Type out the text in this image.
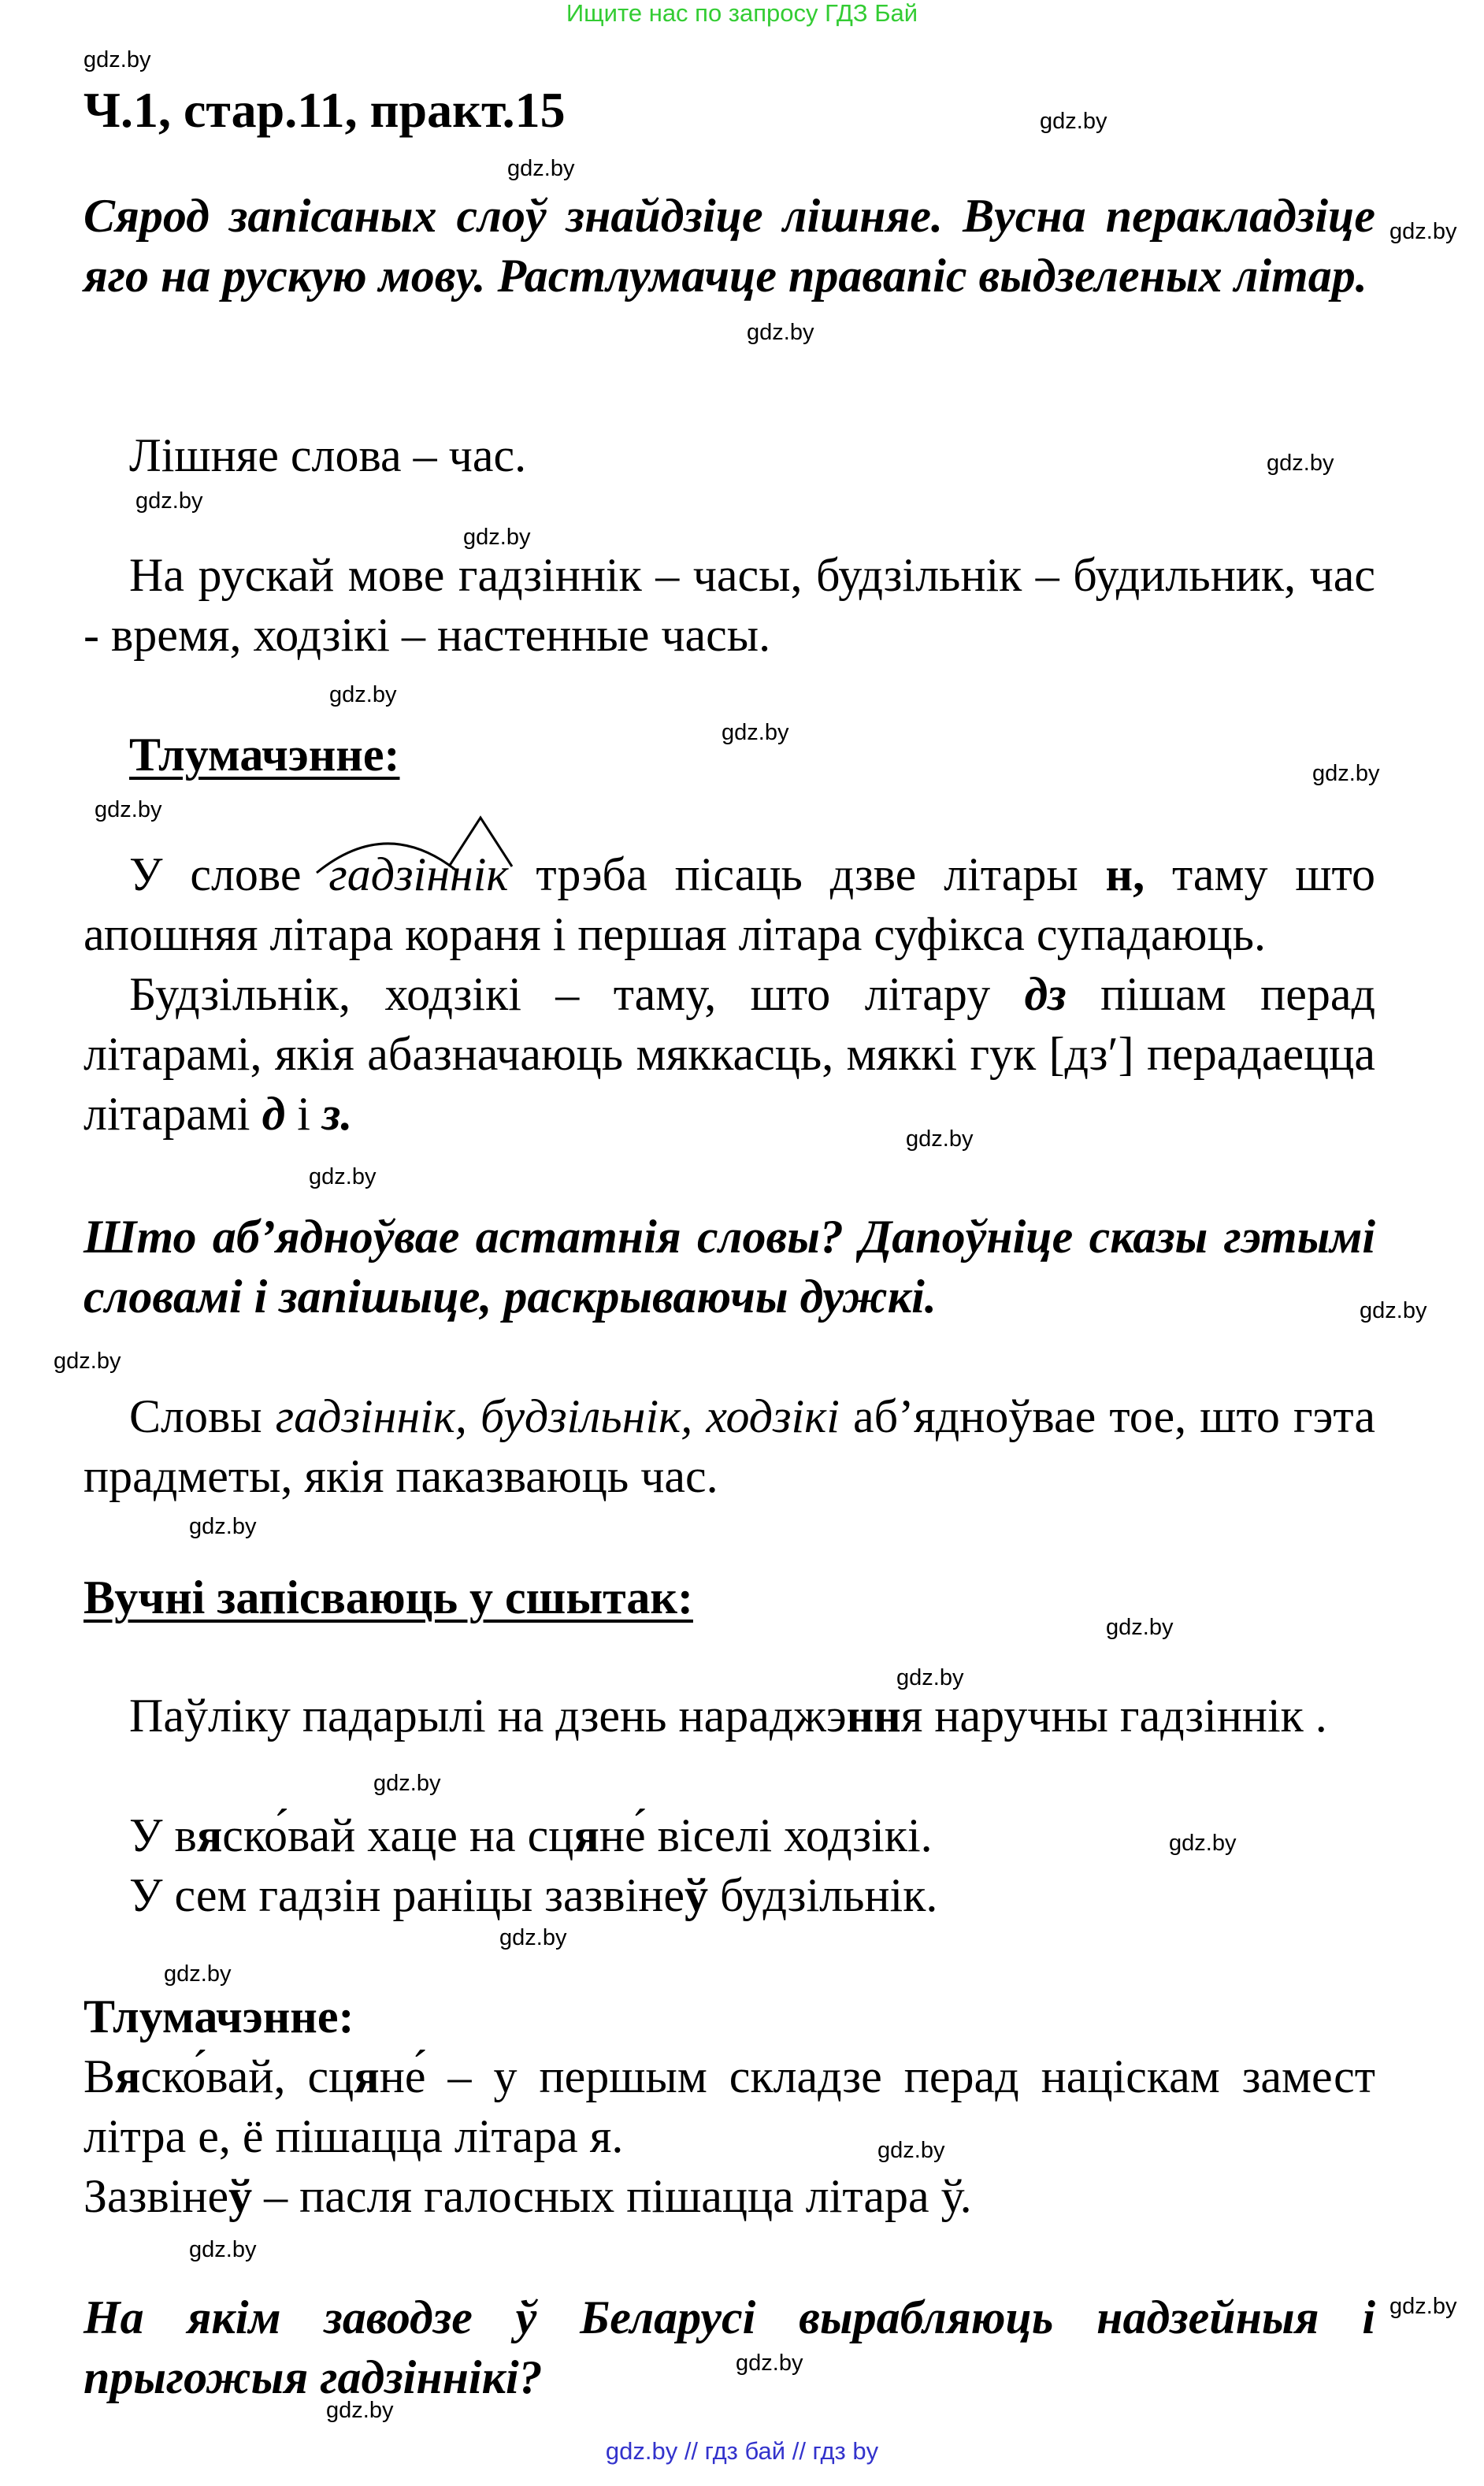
Ищите нас по запросу ГДЗ Бай
Ч.1, стар.11, практ.15
Сярод запісаных слоў знайдзіце лішняе. Вусна перакладзіце яго на рускую мову. Растлумачце правапіс выдзеленых літар.
Лішняе слова – час.
На рускай мове гадзіннік – часы, будзільнік – будильник, час - время, ходзікі – настенные часы.
Тлумачэнне:
У слове гадзіннік трэба пісаць дзве літары н, таму што апошняя літара кораня і першая літара суфікса супадаюць.
Будзільнік, ходзікі – таму, што літару дз пішам перад літарамі, якія абазначаюць мяккасць, мяккі гук [дзʹ] перадаецца літарамі д і з.
Што аб’ядноўвае астатнія словы? Дапоўніце сказы гэтымі словамі і запішыце, раскрываючы дужкі.
Словы гадзіннік, будзільнік, ходзікі аб’ядноўвае тое, што гэта прадметы, якія паказваюць час.
Вучні запісваюць у сшытак:
Паўліку падарылі на дзень нараджэння наручны гадзіннік .
У вяско́вай хаце на сцяне́ віселі ходзікі.
У сем гадзін раніцы зазвінеў будзільнік.
Тлумачэнне:
Вяско́вай, сцяне́ – у першым складзе перад націскам замест літра е, ё пішацца літара я.
Зазвінеў – пасля галосных пішацца літара ў.
На якім заводзе ў Беларусі вырабляюць надзейныя і прыгожыя гадзіннікі?
gdz.by
gdz.by
gdz.by
gdz.by
gdz.by
gdz.by
gdz.by
gdz.by
gdz.by
gdz.by
gdz.by
gdz.by
gdz.by
gdz.by
gdz.by
gdz.by
gdz.by
gdz.by
gdz.by
gdz.by
gdz.by
gdz.by
gdz.by
gdz.by
gdz.by
gdz.by
gdz.by
gdz.by
gdz.by // гдз бай // гдз by
